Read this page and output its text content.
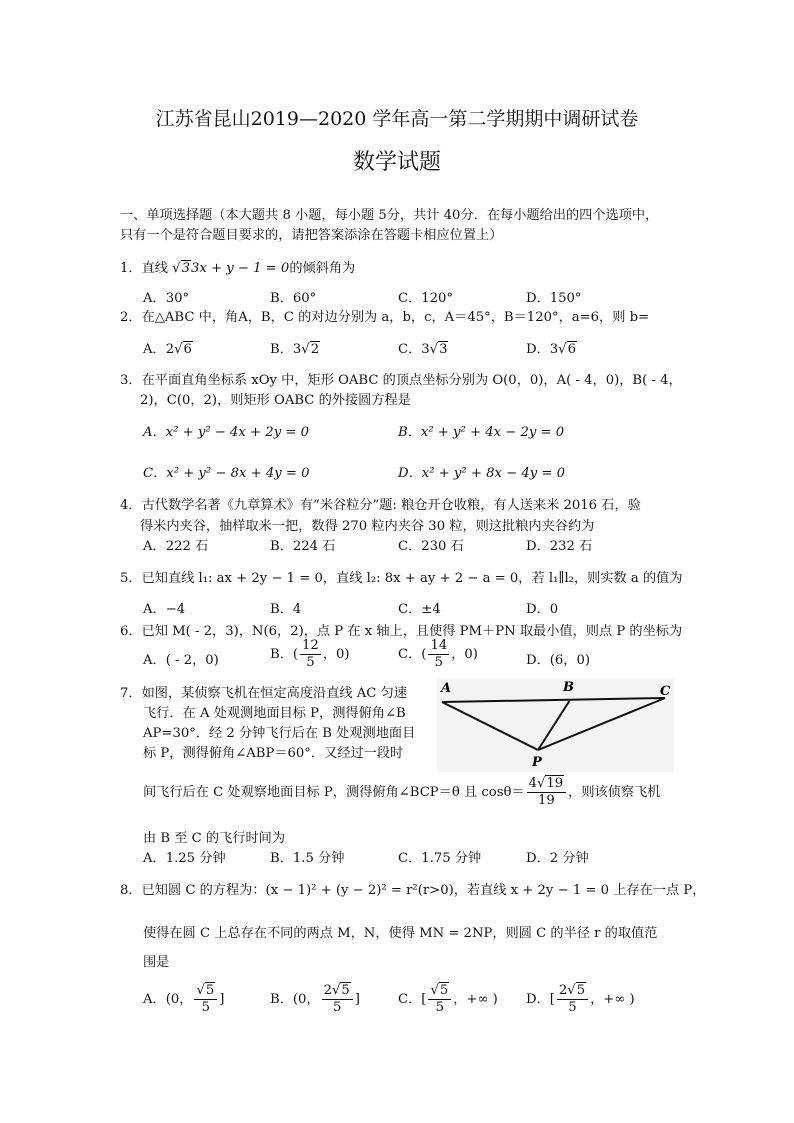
江苏省昆山2019—2020 学年高一第二学期期中调研试卷
数学试题
一、单项选择题（本大题共 8 小题，每小题 5分，共计 40分．在每小题给出的四个选项中，
只有一个是符合题目要求的，请把答案添涂在答题卡相应位置上）
1．直线 √33x + y − 1 = 0的倾斜角为
A．30°	B．60°	C．120°	D．150°
2．在△ABC 中，角A，B，C 的对边分别为 a，b，c，A＝45°，B＝120°，a=6，则 b=
A．2√6	B．3√2	C．3√3	D．3√6
3．在平面直角坐标系 xOy 中，矩形 OABC 的顶点坐标分别为 O(0，0)，A( - 4，0)，B( - 4，
2)，C(0，2)，则矩形 OABC 的外接圆方程是
A．x² + y² − 4x + 2y = 0	B．x² + y² + 4x − 2y = 0
C．x² + y² − 8x + 4y = 0	D．x² + y² + 8x − 4y = 0
4．古代数学名著《九章算术》有“米谷粒分”题: 粮仓开仓收粮，有人送来米 2016 石，验
得米内夹谷，抽样取米一把，数得 270 粒内夹谷 30 粒，则这批粮内夹谷约为
A．222 石	B．224 石	C．230 石	D．232 石
5．已知直线 l₁: ax + 2y − 1 = 0，直线 l₂: 8x + ay + 2 − a = 0，若 l₁∥l₂，则实数 a 的值为
A．−4	B．4	C．±4	D．0
6．已知 M( - 2，3)，N(6，2)，点 P 在 x 轴上，且使得 PM＋PN 取最小值，则点 P 的坐标为
A．( - 2，0)	B．( $\frac{12}{5}$ ，0)	C．( $\frac{14}{5}$ ，0)	D．(6，0)
7．如图，某侦察飞机在恒定高度沿直线 AC 匀速
飞行．在 A 处观测地面目标 P，测得俯角∠B
AP=30°．经 2 分钟飞行后在 B 处观测地面目
标 P，测得俯角∠ABP＝60°．又经过一段时
A	B	C
P
间飞行后在 C 处观察地面目标 P，测得俯角∠BCP＝θ 且 $\cos\theta= \frac{4√19}{19}$ ，则该侦察飞机
由 B 至 C 的飞行时间为
A．1.25 分钟	B．1.5 分钟	C．1.75 分钟	D．2 分钟
8．已知圆 C 的方程为：(x − 1)² + (y − 2)² = r²(r>0)，若直线 x + 2y − 1 = 0 上存在一点 P，
使得在圆 C 上总存在不同的两点 M，N，使得 MN = 2NP，则圆 C 的半径 r 的取值范
围是
A．(0， $\frac{√5}{5}$ ]	B．(0， $\frac{2√5}{5}$ ]	C．[ $\frac{√5}{5}$ ，+∞ ) D．[ $\frac{2√5}{5}$ ，+∞ )
